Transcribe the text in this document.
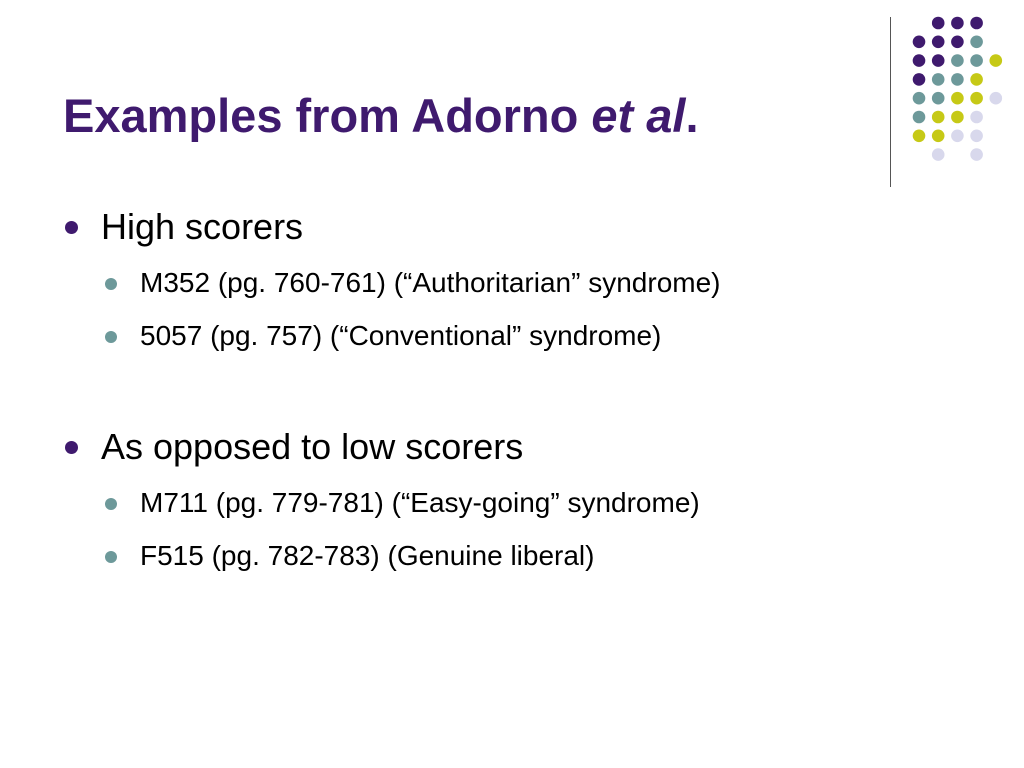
Examples from Adorno et al.
High scorers
M352 (pg. 760-761) (“Authoritarian” syndrome)
5057 (pg. 757) (“Conventional” syndrome)
As opposed to low scorers
M711 (pg. 779-781) (“Easy-going” syndrome)
F515 (pg. 782-783) (Genuine liberal)
